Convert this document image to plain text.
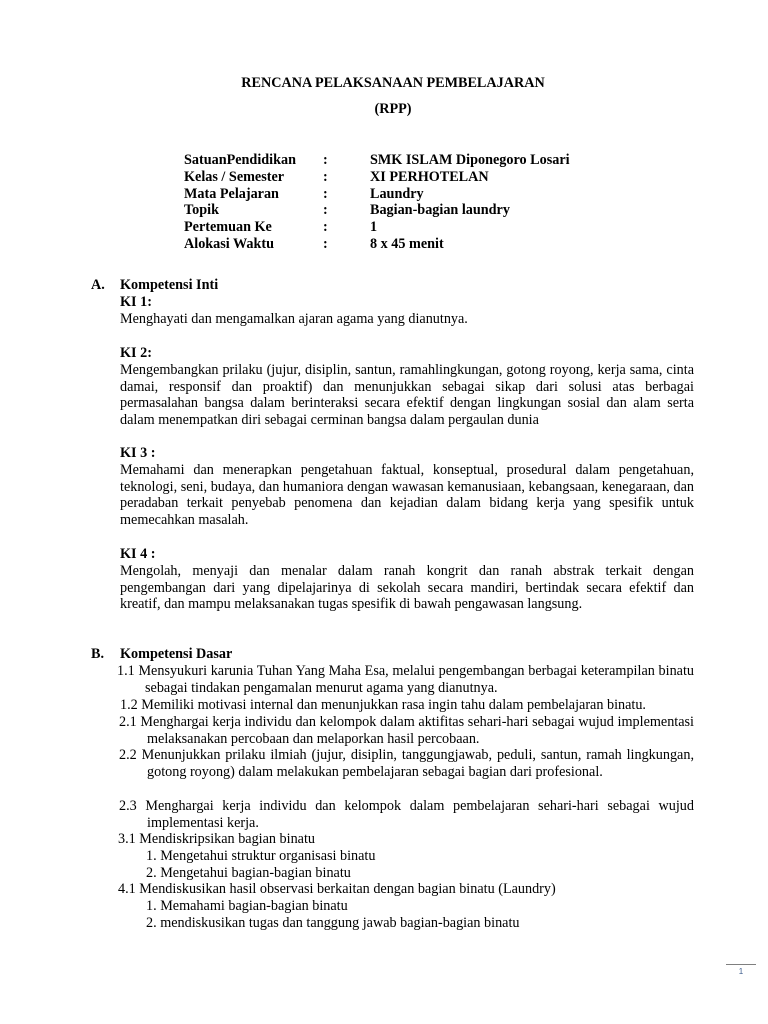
RENCANA PELAKSANAAN PEMBELAJARAN
(RPP)
SatuanPendidikan :	SMK ISLAM Diponegoro Losari
Kelas / Semester	:	XI PERHOTELAN
Mata Pelajaran	:	Laundry
Topik	:	Bagian-bagian laundry
Pertemuan Ke	:	1
Alokasi Waktu	:	8 x 45 menit
A. Kompetensi Inti
KI 1:
Menghayati dan mengamalkan ajaran agama yang dianutnya.
KI 2:
Mengembangkan prilaku (jujur, disiplin, santun, ramahlingkungan, gotong royong, kerja sama, cinta damai, responsif dan proaktif) dan menunjukkan sebagai sikap dari solusi atas berbagai permasalahan bangsa dalam berinteraksi secara efektif dengan lingkungan sosial dan alam serta dalam menempatkan diri sebagai cerminan bangsa dalam pergaulan dunia
KI 3 :
Memahami dan menerapkan pengetahuan faktual, konseptual, prosedural dalam pengetahuan, teknologi, seni, budaya, dan humaniora dengan wawasan kemanusiaan, kebangsaan, kenegaraan, dan peradaban terkait penyebab penomena dan kejadian dalam bidang kerja yang spesifik untuk memecahkan masalah.
KI 4 :
Mengolah, menyaji dan menalar dalam ranah kongrit dan ranah abstrak terkait dengan pengembangan dari yang dipelajarinya di sekolah secara mandiri, bertindak secara efektif dan kreatif, dan mampu melaksanakan tugas spesifik di bawah pengawasan langsung.
B. Kompetensi Dasar
1.1 Mensyukuri karunia Tuhan Yang Maha Esa, melalui pengembangan berbagai keterampilan binatu sebagai tindakan pengamalan menurut agama yang dianutnya.
1.2 Memiliki motivasi internal dan menunjukkan rasa ingin tahu dalam pembelajaran binatu.
2.1 Menghargai kerja individu dan kelompok dalam aktifitas sehari-hari sebagai wujud implementasi melaksanakan percobaan dan melaporkan hasil percobaan.
2.2 Menunjukkan prilaku ilmiah (jujur, disiplin, tanggungjawab, peduli, santun, ramah lingkungan, gotong royong) dalam melakukan pembelajaran sebagai bagian dari profesional.
2.3 Menghargai kerja individu dan kelompok dalam pembelajaran sehari-hari sebagai wujud implementasi kerja.
3.1 Mendiskripsikan bagian binatu
1. Mengetahui struktur organisasi binatu
2. Mengetahui bagian-bagian binatu
4.1 Mendiskusikan hasil observasi berkaitan dengan bagian binatu (Laundry)
1. Memahami bagian-bagian binatu
2. mendiskusikan tugas dan tanggung jawab bagian-bagian binatu
1
